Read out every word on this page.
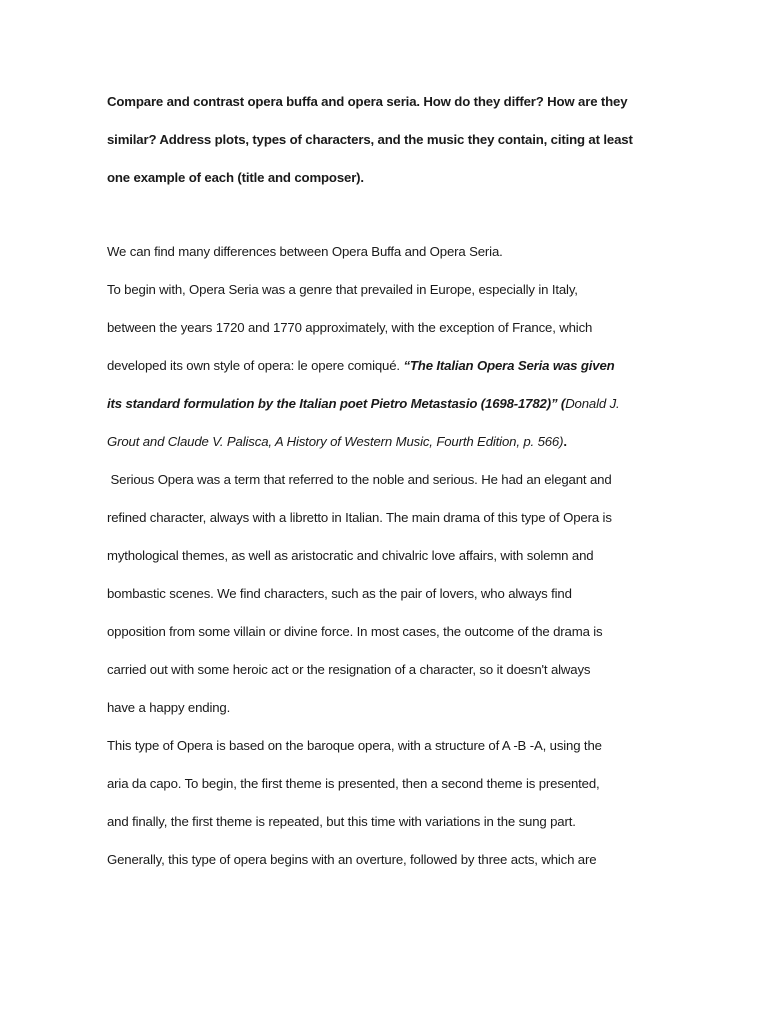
Compare and contrast opera buffa and opera seria. How do they differ? How are they
similar? Address plots, types of characters, and the music they contain, citing at least
one example of each (title and composer).
We can find many differences between Opera Buffa and Opera Seria.
To begin with, Opera Seria was a genre that prevailed in Europe, especially in Italy,
between the years 1720 and 1770 approximately, with the exception of France, which
developed its own style of opera: le opere comiqué. “The Italian Opera Seria was given
its standard formulation by the Italian poet Pietro Metastasio (1698-1782)” (Donald J.
Grout and Claude V. Palisca, A History of Western Music, Fourth Edition, p. 566).
Serious Opera was a term that referred to the noble and serious. He had an elegant and
refined character, always with a libretto in Italian. The main drama of this type of Opera is
mythological themes, as well as aristocratic and chivalric love affairs, with solemn and
bombastic scenes. We find characters, such as the pair of lovers, who always find
opposition from some villain or divine force. In most cases, the outcome of the drama is
carried out with some heroic act or the resignation of a character, so it doesn't always
have a happy ending.
This type of Opera is based on the baroque opera, with a structure of A -B -A, using the
aria da capo. To begin, the first theme is presented, then a second theme is presented,
and finally, the first theme is repeated, but this time with variations in the sung part.
Generally, this type of opera begins with an overture, followed by three acts, which are
